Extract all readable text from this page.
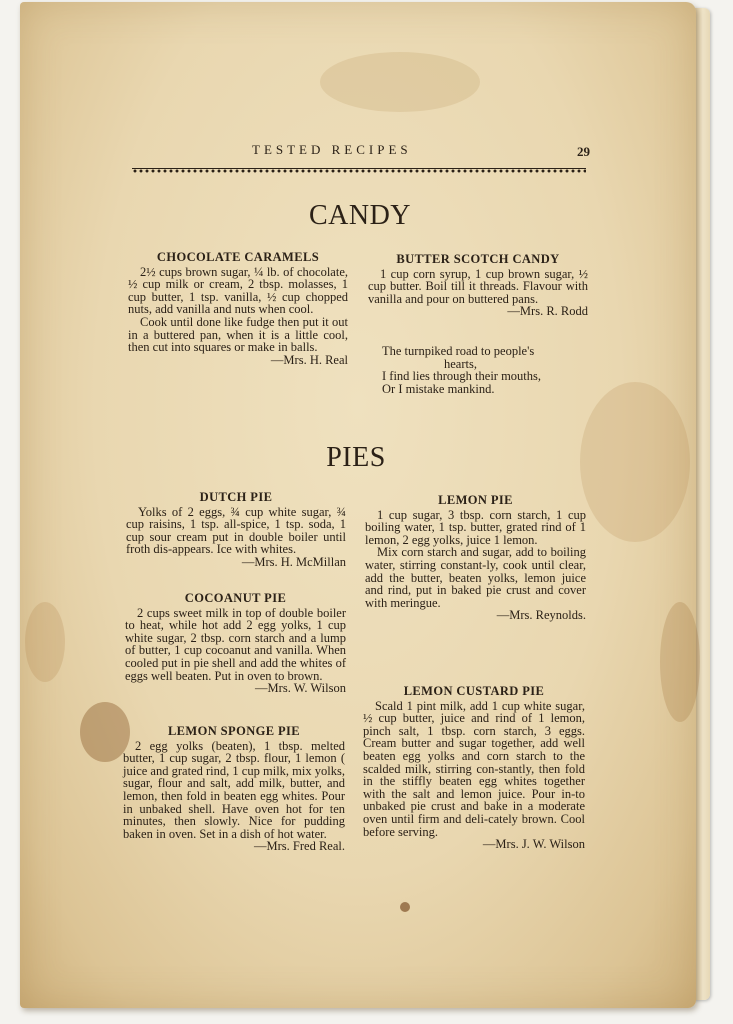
TESTED RECIPES	29
CANDY

CHOCOLATE CARAMELS

2½ cups brown sugar, ¼ lb. of chocolate, ½ cup milk or cream, 2 tbsp. molasses, 1 cup butter, 1 tsp. vanilla, ½ cup chopped nuts, add vanilla and nuts when cool.

Cook until done like fudge then put it out in a buttered pan, when it is a little cool, then cut into squares or make in balls.

—Mrs. H. Real

BUTTER SCOTCH CANDY

1 cup corn syrup, 1 cup brown sugar, ½ cup butter. Boil till it threads. Flavour with vanilla and pour on buttered pans.

—Mrs. R. Rodd

The turnpiked road to people's

hearts,

I find lies through their mouths,

Or I mistake mankind.

PIES

DUTCH PIE

Yolks of 2 eggs, ¾ cup white sugar, ¾ cup raisins, 1 tsp. all-spice, 1 tsp. soda, 1 cup sour cream put in double boiler until froth dis-appears. Ice with whites.

—Mrs. H. McMillan

COCOANUT PIE

2 cups sweet milk in top of double boiler to heat, while hot add 2 egg yolks, 1 cup white sugar, 2 tbsp. corn starch and a lump of butter, 1 cup cocoanut and vanilla. When cooled put in pie shell and add the whites of eggs well beaten. Put in oven to brown.

—Mrs. W. Wilson

LEMON SPONGE PIE

2 egg yolks (beaten), 1 tbsp. melted butter, 1 cup sugar, 2 tbsp. flour, 1 lemon ( juice and grated rind, 1 cup milk, mix yolks, sugar, flour and salt, add milk, butter, and lemon, then fold in beaten egg whites. Pour in unbaked shell. Have oven hot for ten minutes, then slowly. Nice for pudding baken in oven. Set in a dish of hot water.

—Mrs. Fred Real.

LEMON PIE

1 cup sugar, 3 tbsp. corn starch, 1 cup boiling water, 1 tsp. butter, grated rind of 1 lemon, 2 egg yolks, juice 1 lemon.

Mix corn starch and sugar, add to boiling water, stirring constant-ly, cook until clear, add the butter, beaten yolks, lemon juice and rind, put in baked pie crust and cover with meringue.

—Mrs. Reynolds.

LEMON CUSTARD PIE

Scald 1 pint milk, add 1 cup white sugar, ½ cup butter, juice and rind of 1 lemon, pinch salt, 1 tbsp. corn starch, 3 eggs. Cream butter and sugar together, add well beaten egg yolks and corn starch to the scalded milk, stirring con-stantly, then fold in the stiffly beaten egg whites together with the salt and lemon juice. Pour in-to unbaked pie crust and bake in a moderate oven until firm and deli-cately brown. Cool before serving.

—Mrs. J. W. Wilson
